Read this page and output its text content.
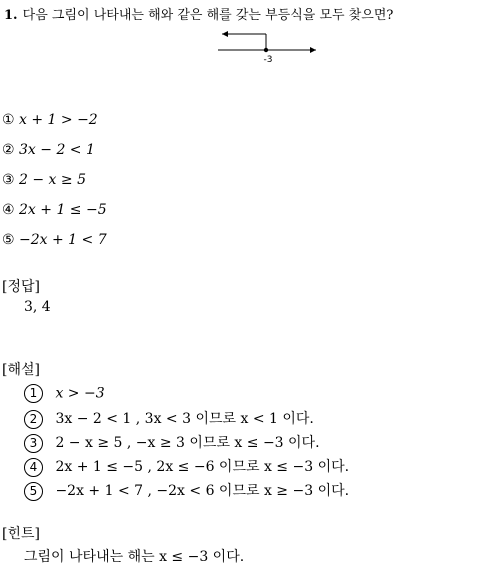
1. 다음 그림이 나타내는 해와 같은 해를 갖는 부등식을 모두 찾으면?
-3
① x + 1 > −2
② 3x − 2 < 1
③ 2 − x ≥ 5
④ 2x + 1 ≤ −5
⑤ −2x + 1 < 7
[정답]
3, 4
[해설]
1 x > −3
2 3x − 2 < 1 , 3x < 3 이므로 x < 1 이다.
3 2 − x ≥ 5 , −x ≥ 3 이므로 x ≤ −3 이다.
4 2x + 1 ≤ −5 , 2x ≤ −6 이므로 x ≤ −3 이다.
5 −2x + 1 < 7 , −2x < 6 이므로 x ≥ −3 이다.
[힌트]
그림이 나타내는 해는 x ≤ −3 이다.
